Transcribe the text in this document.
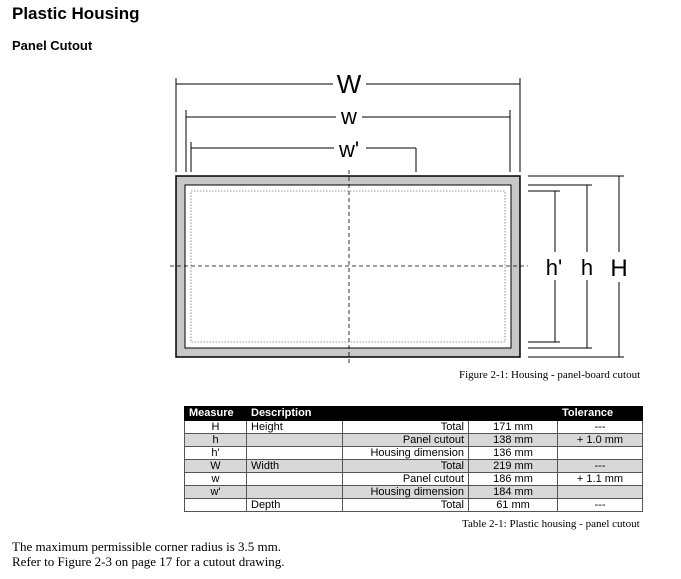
Plastic Housing
Panel Cutout
W
w
w'
h' h H
Figure 2-1: Housing - panel-board cutout
Measure	Description			Tolerance
H	Height	Total	171 mm	---
h		Panel cutout	138 mm	+ 1.0 mm
h'		Housing dimension	136 mm	
W	Width	Total	219 mm	---
w		Panel cutout	186 mm	+ 1.1 mm
w'		Housing dimension	184 mm	
	Depth	Total	61 mm	---
Table 2-1: Plastic housing - panel cutout
The maximum permissible corner radius is 3.5 mm.
Refer to Figure 2-3 on page 17 for a cutout drawing.
